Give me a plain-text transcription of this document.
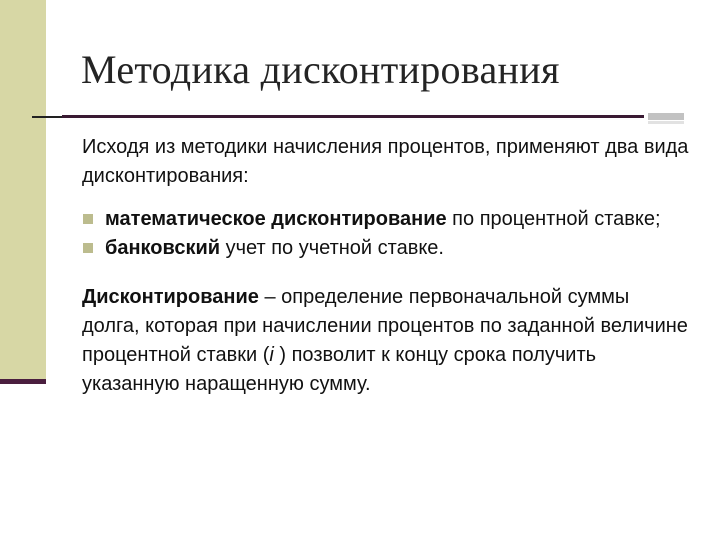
Методика дисконтирования

Исходя из методики начисления процентов, применяют два вида дисконтирования:

математическое дисконтирование по процентной ставке;
банковский учет по учетной ставке.

Дисконтирование – определение первоначальной суммы долга, которая при начислении процентов по заданной величине процентной ставки (i ) позволит к концу срока получить указанную наращенную сумму.
